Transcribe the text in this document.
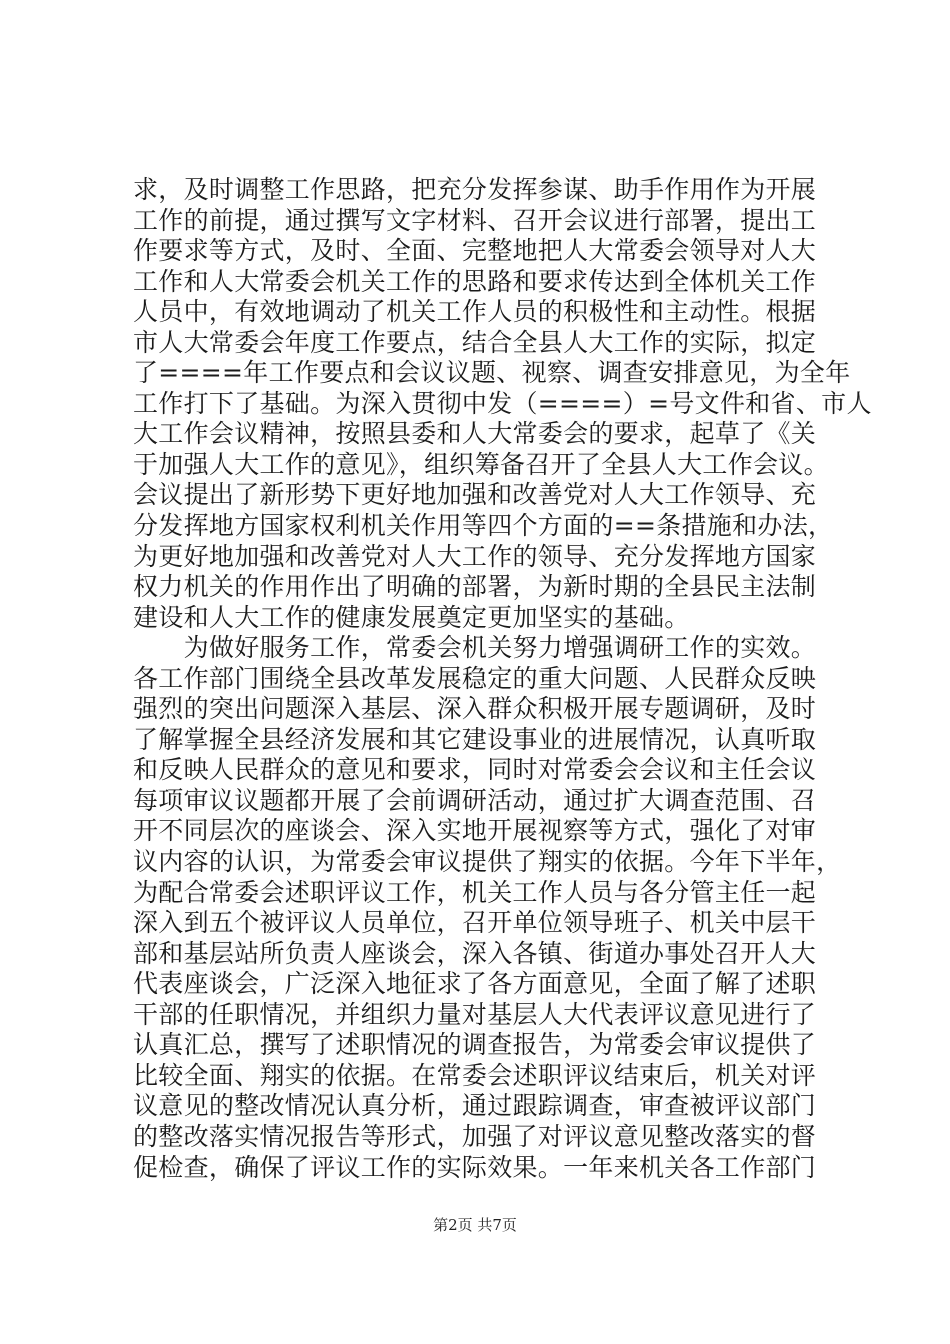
求，及时调整工作思路，把充分发挥参谋、助手作用作为开展
工作的前提，通过撰写文字材料、召开会议进行部署，提出工
作要求等方式，及时、全面、完整地把人大常委会领导对人大
工作和人大常委会机关工作的思路和要求传达到全体机关工作
人员中，有效地调动了机关工作人员的积极性和主动性。根据
市人大常委会年度工作要点，结合全县人大工作的实际，拟定
了====年工作要点和会议议题、视察、调查安排意见，为全年
工作打下了基础。为深入贯彻中发（====）=号文件和省、市人
大工作会议精神，按照县委和人大常委会的要求，起草了《关
于加强人大工作的意见》，组织筹备召开了全县人大工作会议。
会议提出了新形势下更好地加强和改善党对人大工作领导、充
分发挥地方国家权利机关作用等四个方面的==条措施和办法，
为更好地加强和改善党对人大工作的领导、充分发挥地方国家
权力机关的作用作出了明确的部署，为新时期的全县民主法制
建设和人大工作的健康发展奠定更加坚实的基础。
　　为做好服务工作，常委会机关努力增强调研工作的实效。
各工作部门围绕全县改革发展稳定的重大问题、人民群众反映
强烈的突出问题深入基层、深入群众积极开展专题调研，及时
了解掌握全县经济发展和其它建设事业的进展情况，认真听取
和反映人民群众的意见和要求，同时对常委会会议和主任会议
每项审议议题都开展了会前调研活动，通过扩大调查范围、召
开不同层次的座谈会、深入实地开展视察等方式，强化了对审
议内容的认识，为常委会审议提供了翔实的依据。今年下半年，
为配合常委会述职评议工作，机关工作人员与各分管主任一起
深入到五个被评议人员单位，召开单位领导班子、机关中层干
部和基层站所负责人座谈会，深入各镇、街道办事处召开人大
代表座谈会，广泛深入地征求了各方面意见，全面了解了述职
干部的任职情况，并组织力量对基层人大代表评议意见进行了
认真汇总，撰写了述职情况的调查报告，为常委会审议提供了
比较全面、翔实的依据。在常委会述职评议结束后，机关对评
议意见的整改情况认真分析，通过跟踪调查，审查被评议部门
的整改落实情况报告等形式，加强了对评议意见整改落实的督
促检查，确保了评议工作的实际效果。一年来机关各工作部门
第2页 共7页
